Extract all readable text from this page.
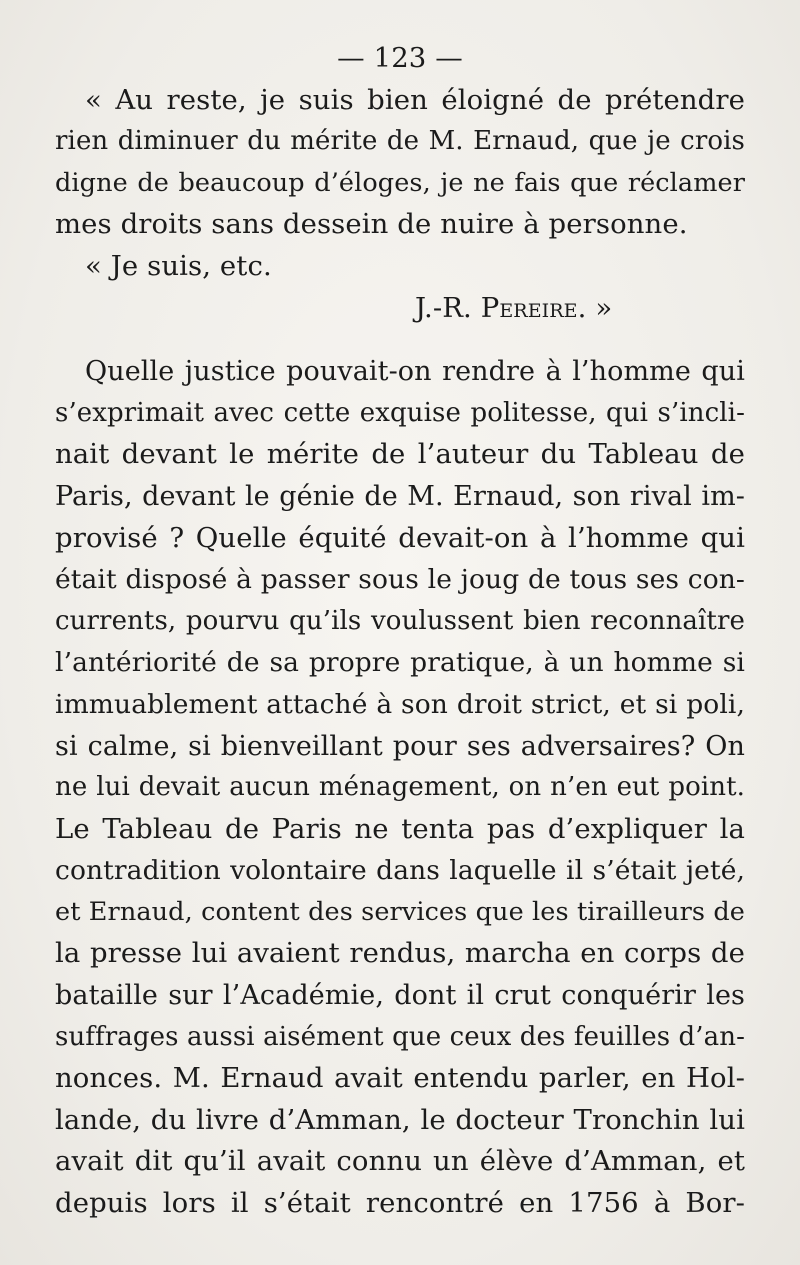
— 123 —
« Au reste, je suis bien éloigné de prétendre
rien diminuer du mérite de M. Ernaud, que je crois
digne de beaucoup d’éloges, je ne fais que réclamer
mes droits sans dessein de nuire à personne.
« Je suis, etc.
J.-R. Pereire. »
Quelle justice pouvait-on rendre à l’homme qui
s’exprimait avec cette exquise politesse, qui s’incli-
nait devant le mérite de l’auteur du Tableau de
Paris, devant le génie de M. Ernaud, son rival im-
provisé ? Quelle équité devait-on à l’homme qui
était disposé à passer sous le joug de tous ses con-
currents, pourvu qu’ils voulussent bien reconnaître
l’antériorité de sa propre pratique, à un homme si
immuablement attaché à son droit strict, et si poli,
si calme, si bienveillant pour ses adversaires? On
ne lui devait aucun ménagement, on n’en eut point.
Le Tableau de Paris ne tenta pas d’expliquer la
contradition volontaire dans laquelle il s’était jeté,
et Ernaud, content des services que les tirailleurs de
la presse lui avaient rendus, marcha en corps de
bataille sur l’Académie, dont il crut conquérir les
suffrages aussi aisément que ceux des feuilles d’an-
nonces. M. Ernaud avait entendu parler, en Hol-
lande, du livre d’Amman, le docteur Tronchin lui
avait dit qu’il avait connu un élève d’Amman, et
depuis lors il s’était rencontré en 1756 à Bor-
